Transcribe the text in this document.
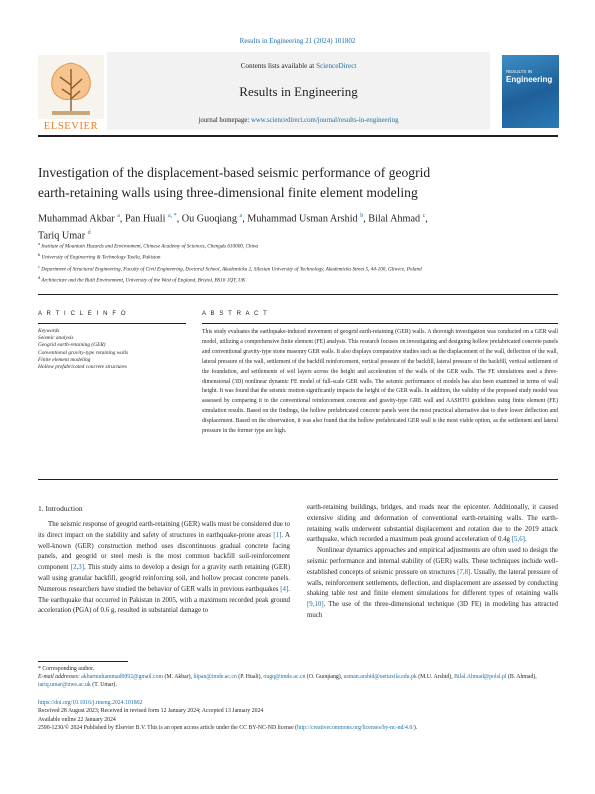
Results in Engineering 21 (2024) 101802
ELSEVIER
Contents lists available at ScienceDirect
Results in Engineering
journal homepage: www.sciencedirect.com/journal/results-in-engineering
RESULTS IN
Engineering
Investigation of the displacement-based seismic performance of geogrid
earth-retaining walls using three-dimensional finite element modeling
Muhammad Akbar $^a$, Pan Huali $^{a, *}$, Ou Guoqiang $^a$, Muhammad Usman Arshid $^b$, Bilal Ahmad $^c$,
Tariq Umar $^d$
$^a$ Institute of Mountain Hazards and Environment, Chinese Academy of Sciences, Chengdu 610000, China
$^b$ University of Engineering & Technology Taxila, Pakistan
$^c$ Department of Structural Engineering, Faculty of Civil Engineering, Doctoral School, Akademicka 2, Silesian University of Technology, Akademicka Street 5, 44-100, Gliwice, Poland
$^d$ Architecture and the Built Environment, University of the West of England, Bristol, BS16 1QY, UK
A R T I C L E I N F O	A B S T R A C T
Keywords
Seismic analysis
Geogrid earth-retaining (GER)
Conventional gravity-type retaining walls
Finite element modeling
Hollow prefabricated concrete structures
This study evaluates the earthquake-induced movement of geogrid earth-retaining (GER) walls. A thorough investigation was conducted on a GER wall model, utilizing a comprehensive finite element (FE) analysis. This research focuses on investigating and designing hollow prefabricated concrete panels and conventional gravity-type stone masonry GER walls. It also displays comparative studies such as the displacement of the wall, deflection of the wall, lateral pressure of the wall, settlement of the backfill reinforcement, vertical pressure of the backfill, lateral pressure of the backfill, vertical settlement of the foundation, and settlements of soil layers across the height and acceleration of the walls of the GER walls. The FE simulations used a three-dimensional (3D) nonlinear dynamic FE model of full-scale GER walls. The seismic performance of models has also been examined in terms of wall height. It was found that the seismic motion significantly impacts the height of the GER walls. In addition, the validity of the proposed study model was assessed by comparing it to the conventional reinforcement concrete and gravity-type GRE wall and AASHTO guidelines using finite element (FE) simulation results. Based on the findings, the hollow prefabricated concrete panels were the most practical alternative due to their lower deflection and displacement. Based on the observation, it was also found that the hollow prefabricated GER wall is the most viable option, as the settlement and lateral pressure in the former type are high.
1. Introduction

The seismic response of geogrid earth-retaining (GER) walls must be considered due to its direct impact on the stability and safety of structures in earthquake-prone areas [1]. A well-known (GER) construction method uses discontinuous gradual concrete facing panels, and geogrid or steel mesh is the most common backfill soil-reinforcement component [2,3]. This study aims to develop a design for a gravity earth retaining (GER) wall using granular backfill, geogrid reinforcing soil, and hollow precast concrete panels. Numerous researchers have studied the behavior of GER walls in previous earthquakes [4]. The earthquake that occurred in Pakistan in 2005, with a maximum recorded peak ground acceleration (PGA) of 0.6 g, resulted in substantial damage to

earth-retaining buildings, bridges, and roads near the epicenter. Additionally, it caused extensive sliding and deformation of conventional earth-retaining walls. The earth-retaining walls underwent substantial displacement and rotation due to the 2019 attack earthquake, which recorded a maximum peak ground acceleration of 0.4g [5,6].

Nonlinear dynamics approaches and empirical adjustments are often used to design the seismic performance and internal stability of (GER) walls. These techniques include well-established concepts of seismic pressure on structures [7,8]. Usually, the lateral pressure of walls, reinforcement settlements, deflection, and displacement are assessed by conducting shaking table test and finite element simulations for different types of retaining walls [9,10]. The use of the three-dimensional technique (3D FE) in modeling has attracted much

* Corresponding author.
E-mail addresses: akbarmuhammad0092@gmail.com (M. Akbar), hlpan@imde.ac.cn (P. Huali), ougq@imde.ac.cn (O. Guoqiang), usman.arshid@uettaxila.edu.pk (M.U. Arshid), Bilal.Ahmad@polsl.pl (B. Ahmad), tariq.umar@uwe.ac.uk (T. Umar).
https://doi.org/10.1016/j.rineng.2024.101802
Received 28 August 2023; Received in revised form 12 January 2024; Accepted 13 January 2024
Available online 22 January 2024
2590-1230/© 2024 Published by Elsevier B.V. This is an open access article under the CC BY-NC-ND license (http://creativecommons.org/licenses/by-nc-nd/4.0/).
